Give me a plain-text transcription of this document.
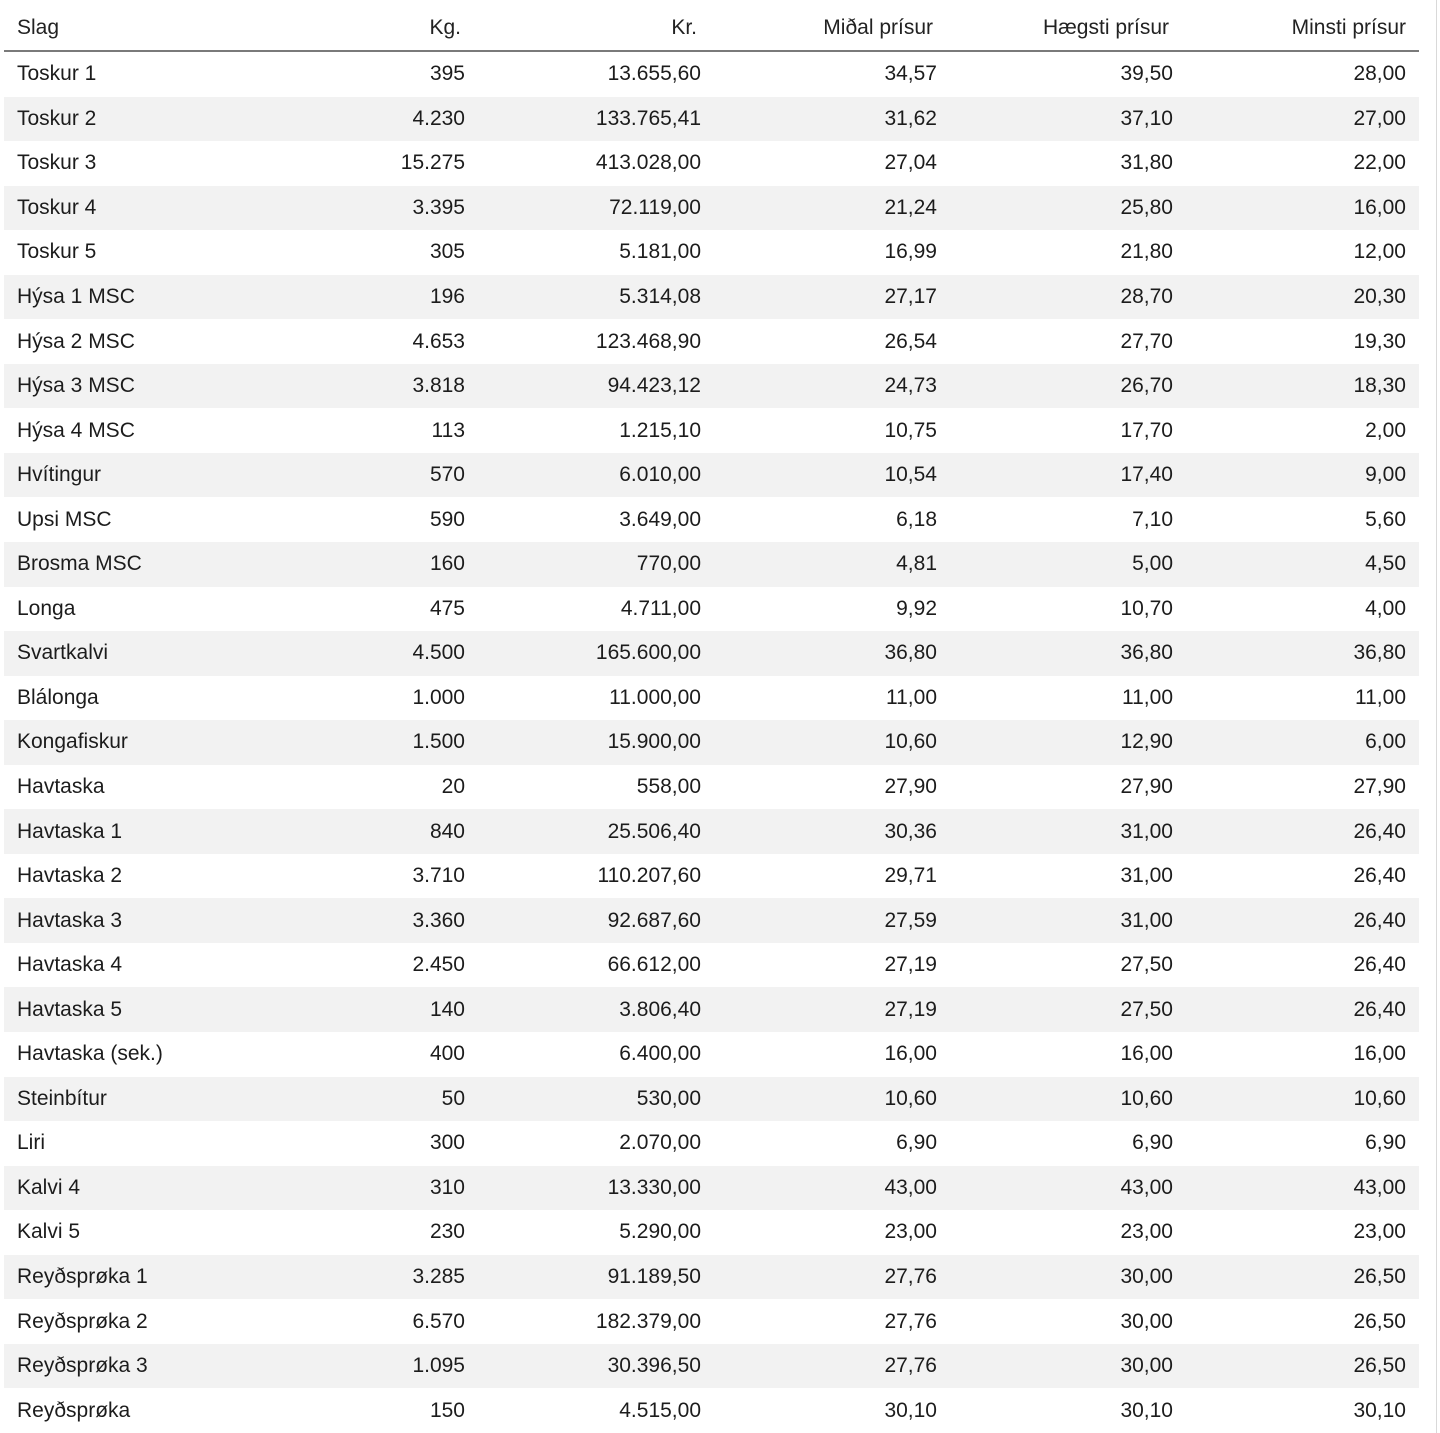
Slag	Kg.	Kr.	Miðal prísur	Hægsti prísur	Minsti prísur
Toskur 1	395	13.655,60	34,57	39,50	28,00
Toskur 2	4.230	133.765,41	31,62	37,10	27,00
Toskur 3	15.275	413.028,00	27,04	31,80	22,00
Toskur 4	3.395	72.119,00	21,24	25,80	16,00
Toskur 5	305	5.181,00	16,99	21,80	12,00
Hýsa 1 MSC	196	5.314,08	27,17	28,70	20,30
Hýsa 2 MSC	4.653	123.468,90	26,54	27,70	19,30
Hýsa 3 MSC	3.818	94.423,12	24,73	26,70	18,30
Hýsa 4 MSC	113	1.215,10	10,75	17,70	2,00
Hvítingur	570	6.010,00	10,54	17,40	9,00
Upsi MSC	590	3.649,00	6,18	7,10	5,60
Brosma MSC	160	770,00	4,81	5,00	4,50
Longa	475	4.711,00	9,92	10,70	4,00
Svartkalvi	4.500	165.600,00	36,80	36,80	36,80
Blálonga	1.000	11.000,00	11,00	11,00	11,00
Kongafiskur	1.500	15.900,00	10,60	12,90	6,00
Havtaska	20	558,00	27,90	27,90	27,90
Havtaska 1	840	25.506,40	30,36	31,00	26,40
Havtaska 2	3.710	110.207,60	29,71	31,00	26,40
Havtaska 3	3.360	92.687,60	27,59	31,00	26,40
Havtaska 4	2.450	66.612,00	27,19	27,50	26,40
Havtaska 5	140	3.806,40	27,19	27,50	26,40
Havtaska (sek.)	400	6.400,00	16,00	16,00	16,00
Steinbítur	50	530,00	10,60	10,60	10,60
Liri	300	2.070,00	6,90	6,90	6,90
Kalvi 4	310	13.330,00	43,00	43,00	43,00
Kalvi 5	230	5.290,00	23,00	23,00	23,00
Reyðsprøka 1	3.285	91.189,50	27,76	30,00	26,50
Reyðsprøka 2	6.570	182.379,00	27,76	30,00	26,50
Reyðsprøka 3	1.095	30.396,50	27,76	30,00	26,50
Reyðsprøka	150	4.515,00	30,10	30,10	30,10
